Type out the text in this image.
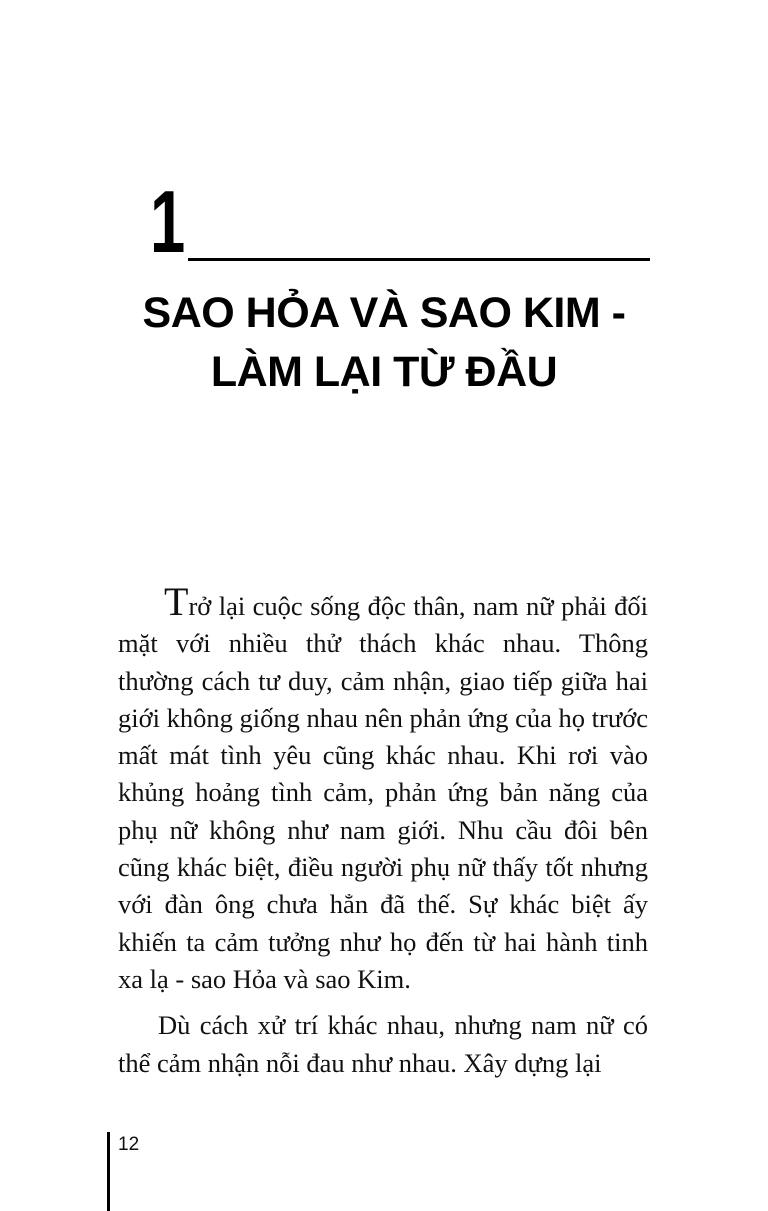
1
SAO HỎA VÀ SAO KIM -
LÀM LẠI TỪ ĐẦU

Trở lại cuộc sống độc thân, nam nữ phải đối mặt với nhiều thử thách khác nhau. Thông thường cách tư duy, cảm nhận, giao tiếp giữa hai giới không giống nhau nên phản ứng của họ trước mất mát tình yêu cũng khác nhau. Khi rơi vào khủng hoảng tình cảm, phản ứng bản năng của phụ nữ không như nam giới. Nhu cầu đôi bên cũng khác biệt, điều người phụ nữ thấy tốt nhưng với đàn ông chưa hẳn đã thế. Sự khác biệt ấy khiến ta cảm tưởng như họ đến từ hai hành tinh xa lạ - sao Hỏa và sao Kim.

Dù cách xử trí khác nhau, nhưng nam nữ có thể cảm nhận nỗi đau như nhau. Xây dựng lại

12
